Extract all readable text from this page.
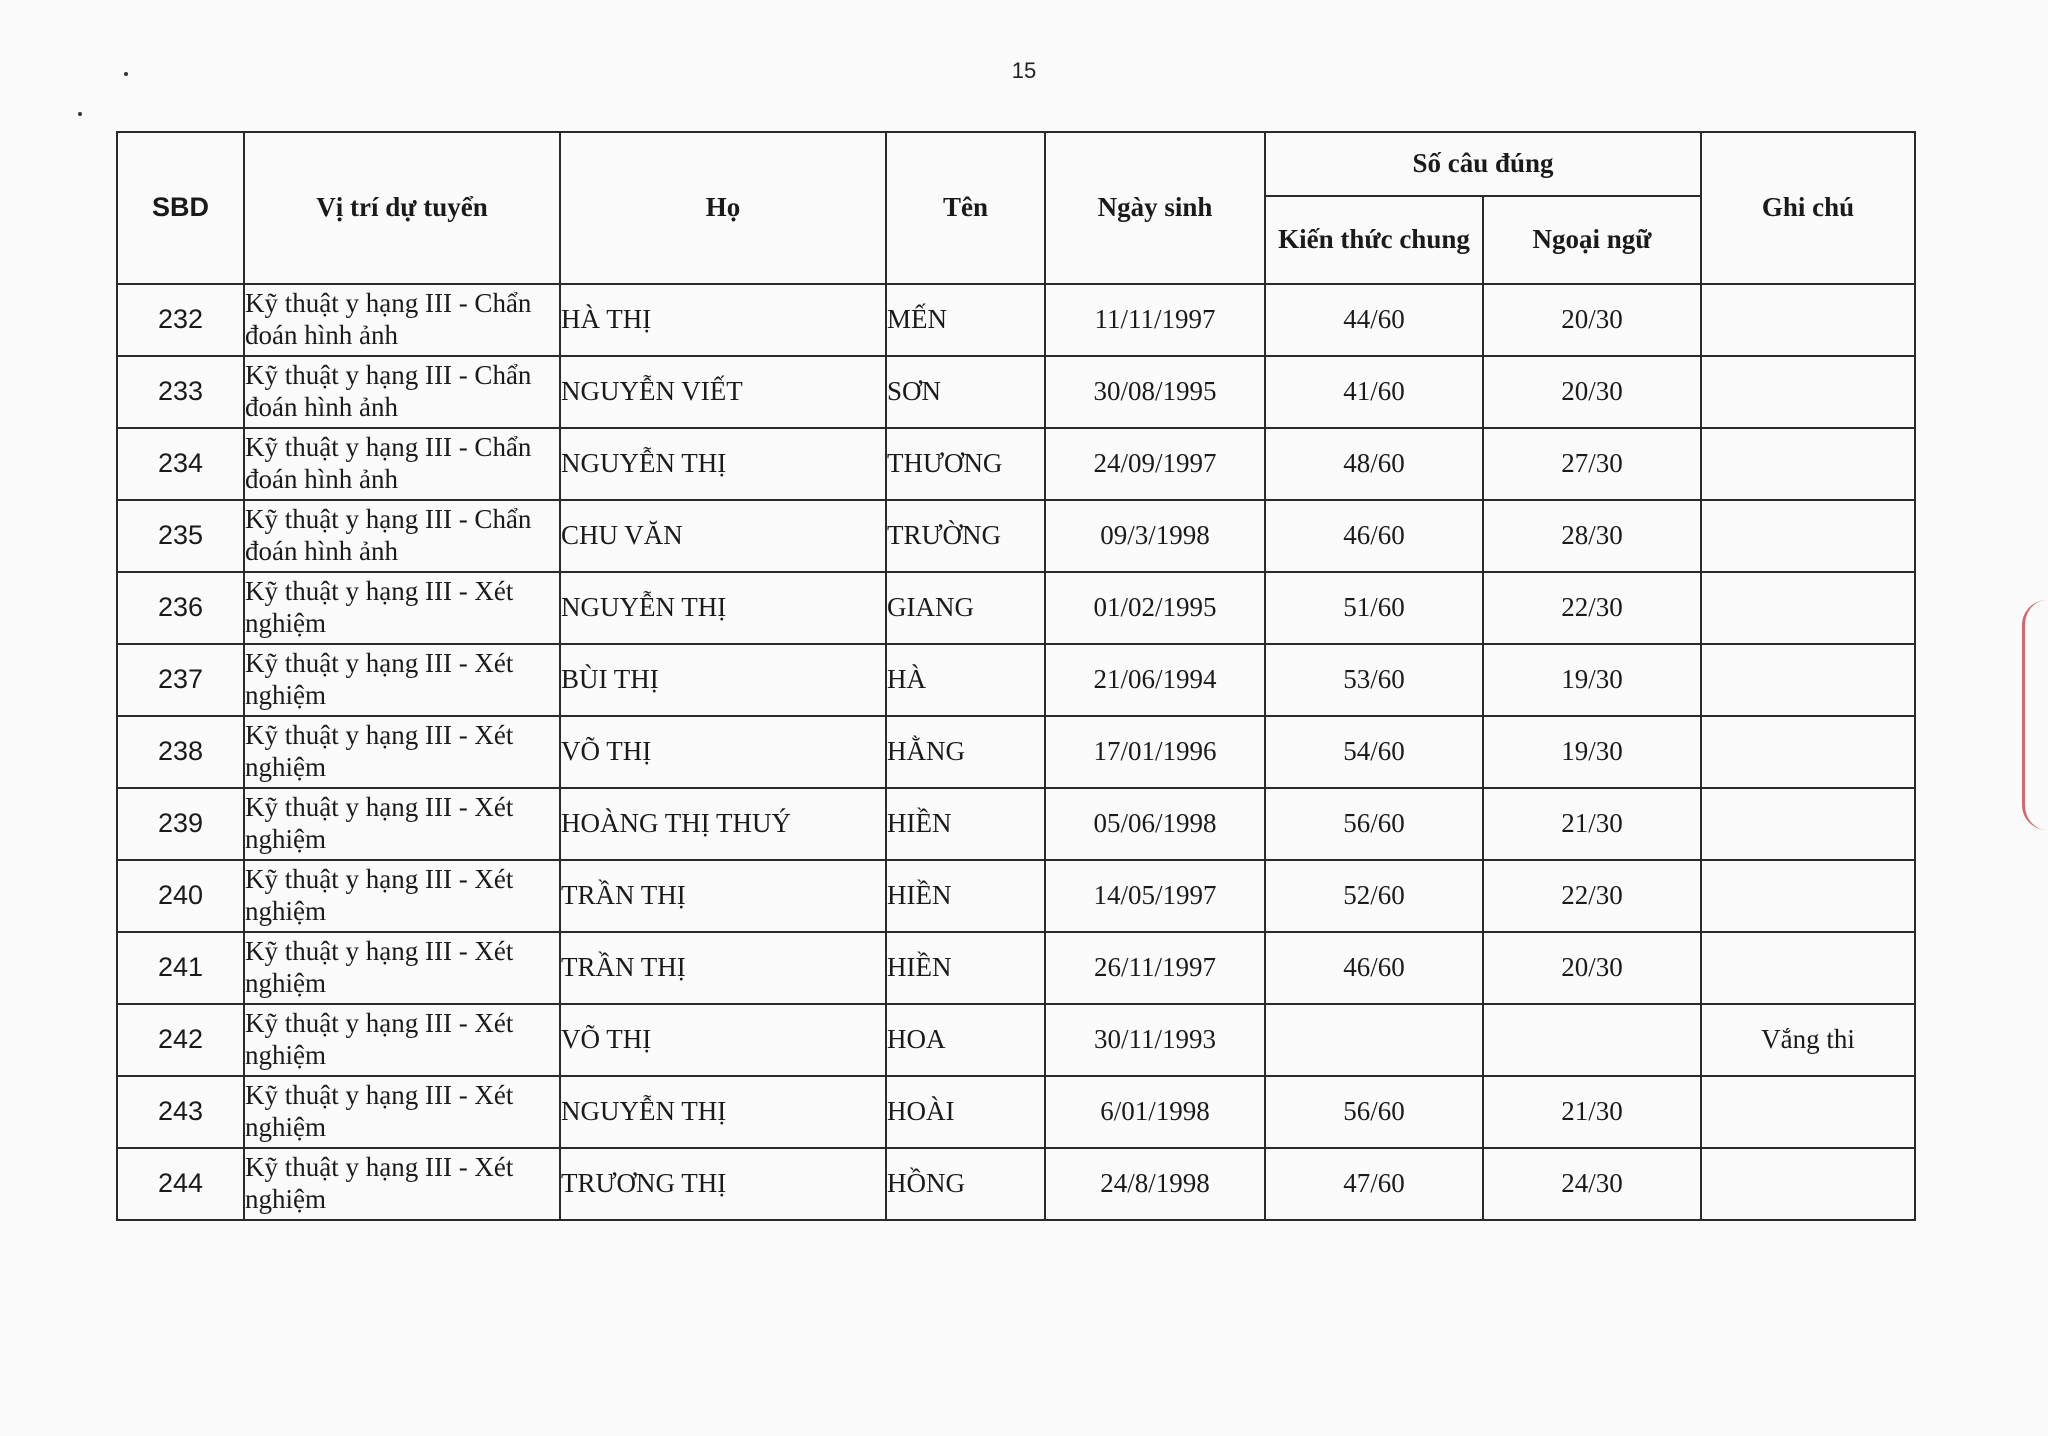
15
SBD	Vị trí dự tuyển	Họ	Tên	Ngày sinh	Số câu đúng		Ghi chú
					Kiến thức chung	Ngoại ngữ	
232	Kỹ thuật y hạng III - Chẩn đoán hình ảnh	HÀ THỊ	MẾN	11/11/1997	44/60	20/30	
233	Kỹ thuật y hạng III - Chẩn đoán hình ảnh	NGUYỄN VIẾT	SƠN	30/08/1995	41/60	20/30	
234	Kỹ thuật y hạng III - Chẩn đoán hình ảnh	NGUYỄN THỊ	THƯƠNG	24/09/1997	48/60	27/30	
235	Kỹ thuật y hạng III - Chẩn đoán hình ảnh	CHU VĂN	TRƯỜNG	09/3/1998	46/60	28/30	
236	Kỹ thuật y hạng III - Xét nghiệm	NGUYỄN THỊ	GIANG	01/02/1995	51/60	22/30	
237	Kỹ thuật y hạng III - Xét nghiệm	BÙI THỊ	HÀ	21/06/1994	53/60	19/30	
238	Kỹ thuật y hạng III - Xét nghiệm	VÕ THỊ	HẰNG	17/01/1996	54/60	19/30	
239	Kỹ thuật y hạng III - Xét nghiệm	HOÀNG THỊ THUÝ	HIỀN	05/06/1998	56/60	21/30	
240	Kỹ thuật y hạng III - Xét nghiệm	TRẦN THỊ	HIỀN	14/05/1997	52/60	22/30	
241	Kỹ thuật y hạng III - Xét nghiệm	TRẦN THỊ	HIỀN	26/11/1997	46/60	20/30	
242	Kỹ thuật y hạng III - Xét nghiệm	VÕ THỊ	HOA	30/11/1993			Vắng thi
243	Kỹ thuật y hạng III - Xét nghiệm	NGUYỄN THỊ	HOÀI	6/01/1998	56/60	21/30	
244	Kỹ thuật y hạng III - Xét nghiệm	TRƯƠNG THỊ	HỒNG	24/8/1998	47/60	24/30	
